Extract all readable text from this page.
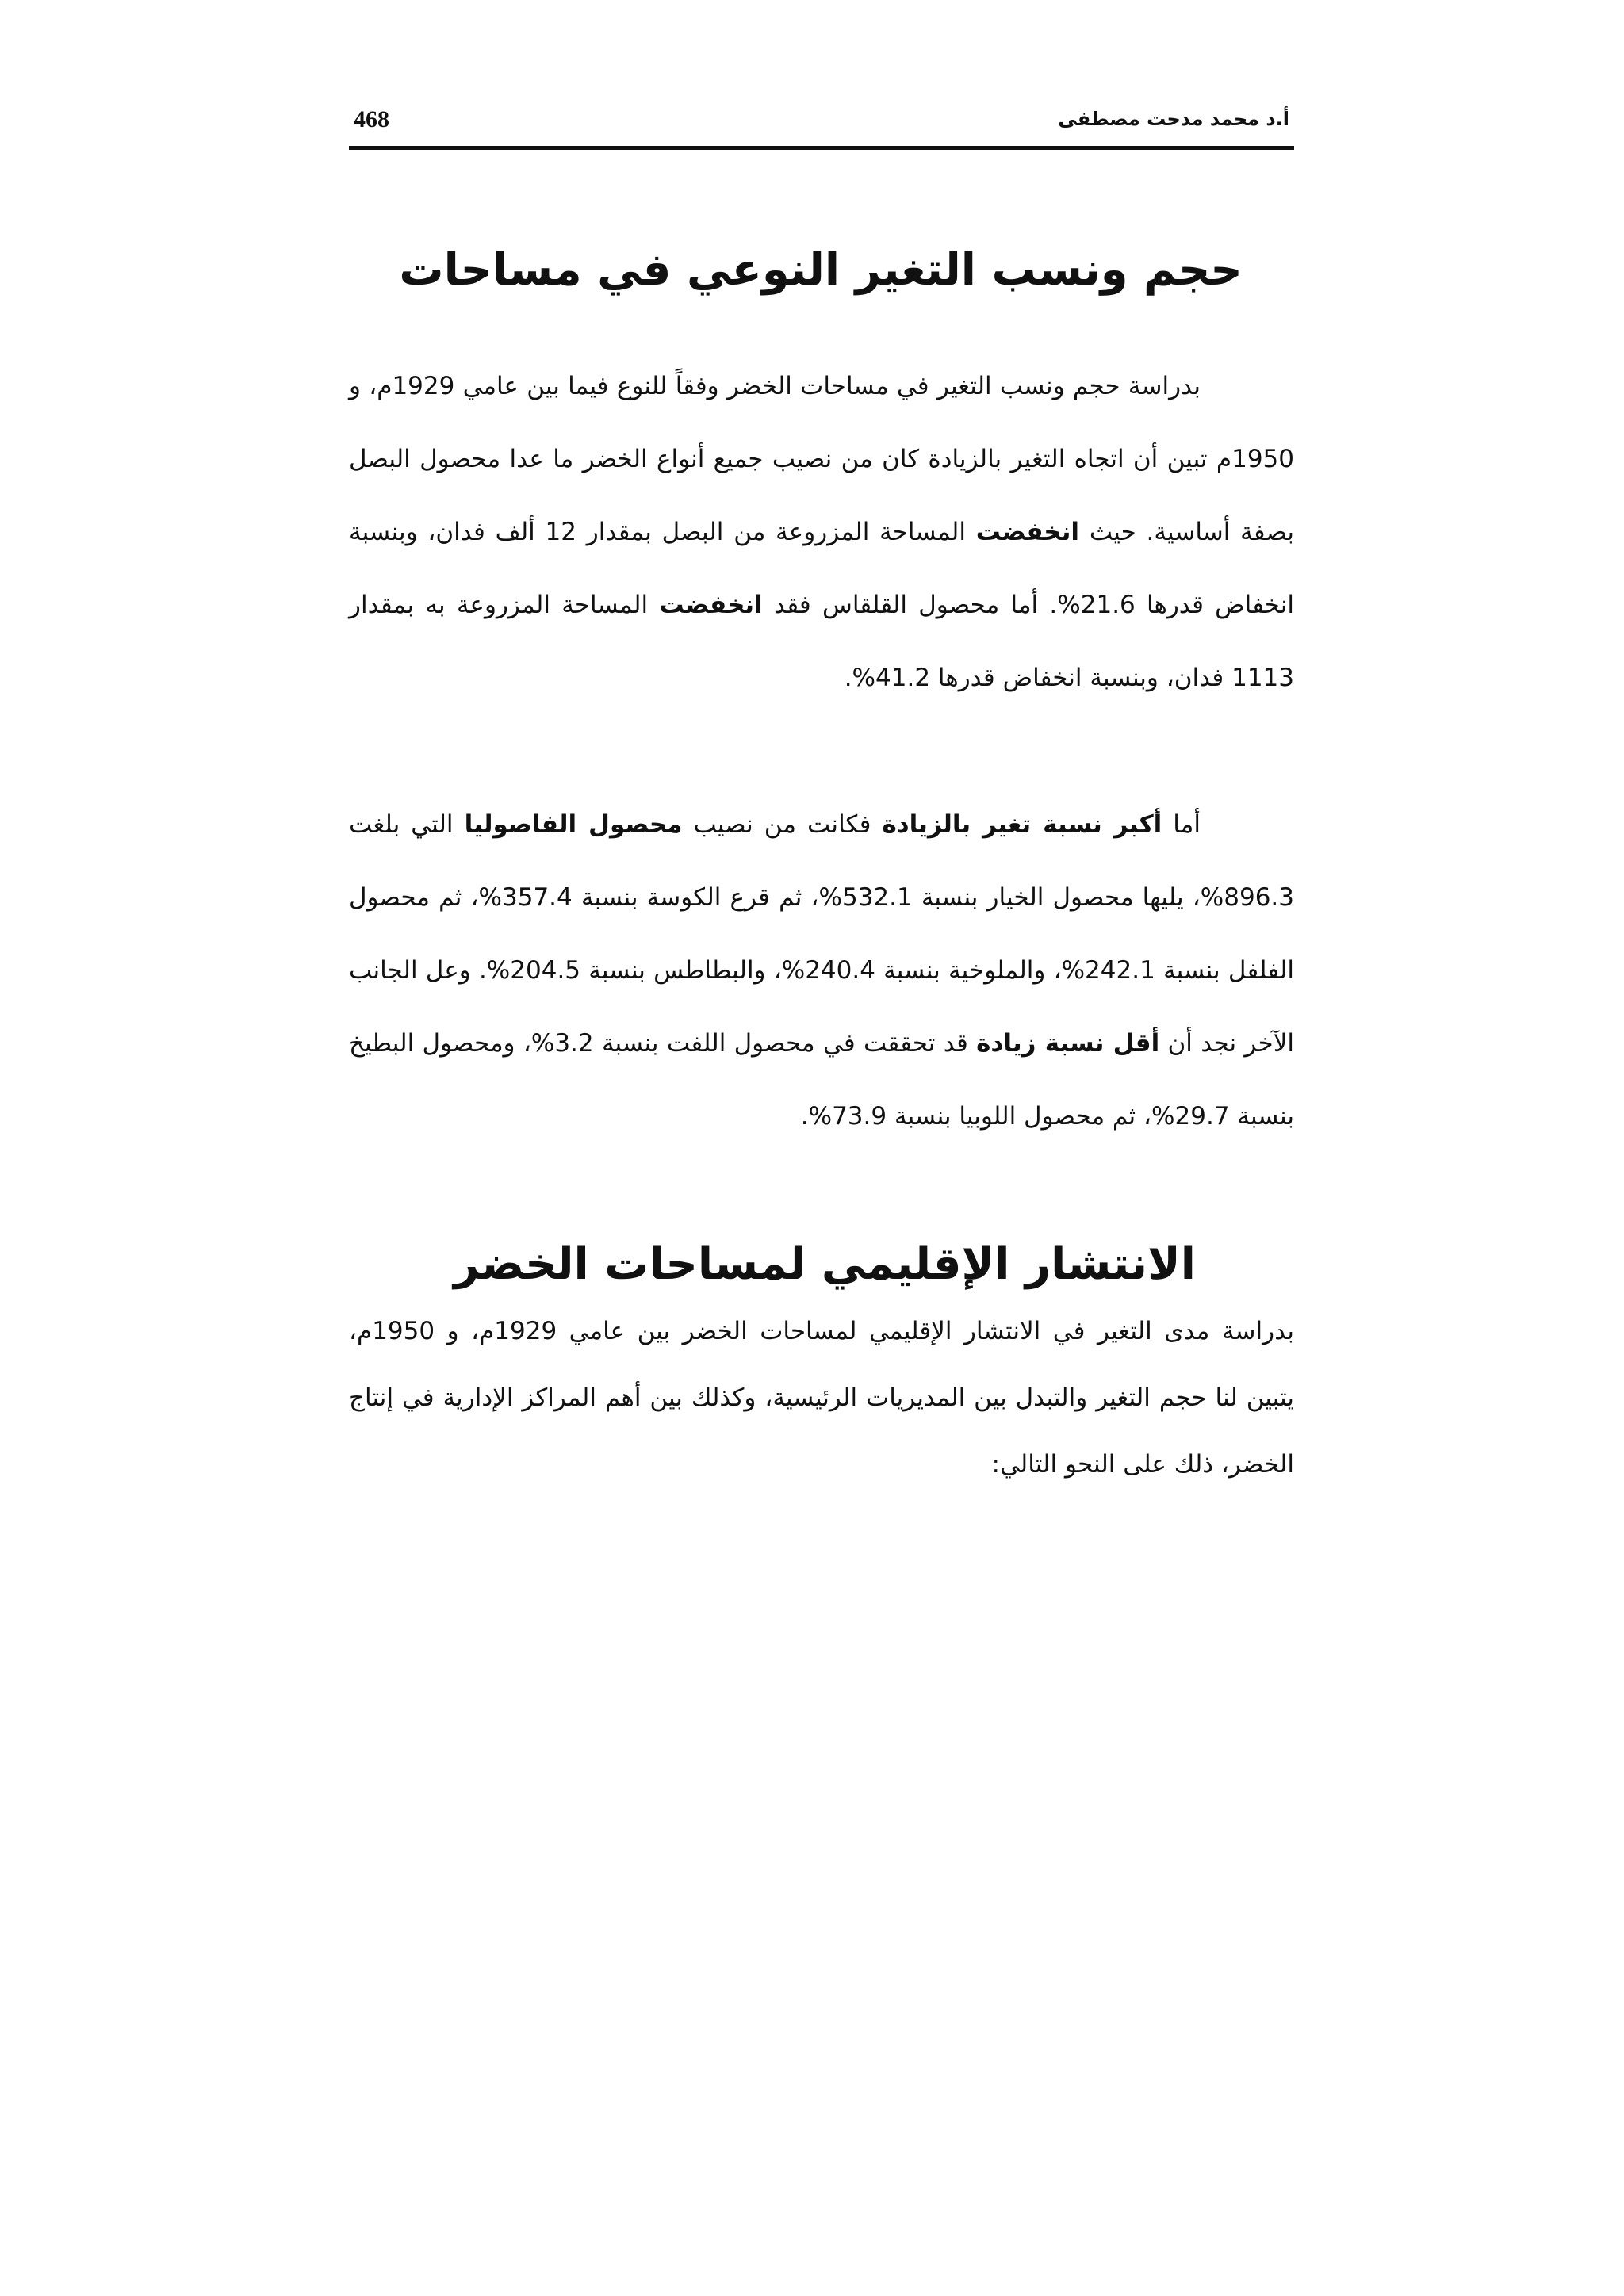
468	أ.د محمد مدحت مصطفى
حجم ونسب التغير النوعي في مساحات

بدراسة حجم ونسب التغير في مساحات الخضر وفقاً للنوع فيما بين عامي 1929م، و 1950م تبين أن اتجاه التغير بالزيادة كان من نصيب جميع أنواع الخضر ما عدا محصول البصل بصفة أساسية. حيث انخفضت المساحة المزروعة من البصل بمقدار 12 ألف فدان، وبنسبة انخفاض قدرها 21.6%. أما محصول القلقاس فقد انخفضت المساحة المزروعة به بمقدار 1113 فدان، وبنسبة انخفاض قدرها 41.2%.

أما أكبر نسبة تغير بالزيادة فكانت من نصيب محصول الفاصوليا التي بلغت 896.3%، يليها محصول الخيار بنسبة 532.1%، ثم قرع الكوسة بنسبة 357.4%، ثم محصول الفلفل بنسبة 242.1%، والملوخية بنسبة 240.4%، والبطاطس بنسبة 204.5%. وعل الجانب الآخر نجد أن أقل نسبة زيادة قد تحققت في محصول اللفت بنسبة 3.2%، ومحصول البطيخ بنسبة 29.7%، ثم محصول اللوبيا بنسبة 73.9%.

الانتشار الإقليمي لمساحات الخضر

بدراسة مدى التغير في الانتشار الإقليمي لمساحات الخضر بين عامي 1929م، و 1950م، يتبين لنا حجم التغير والتبدل بين المديريات الرئيسية، وكذلك بين أهم المراكز الإدارية في إنتاج الخضر، ذلك على النحو التالي:
